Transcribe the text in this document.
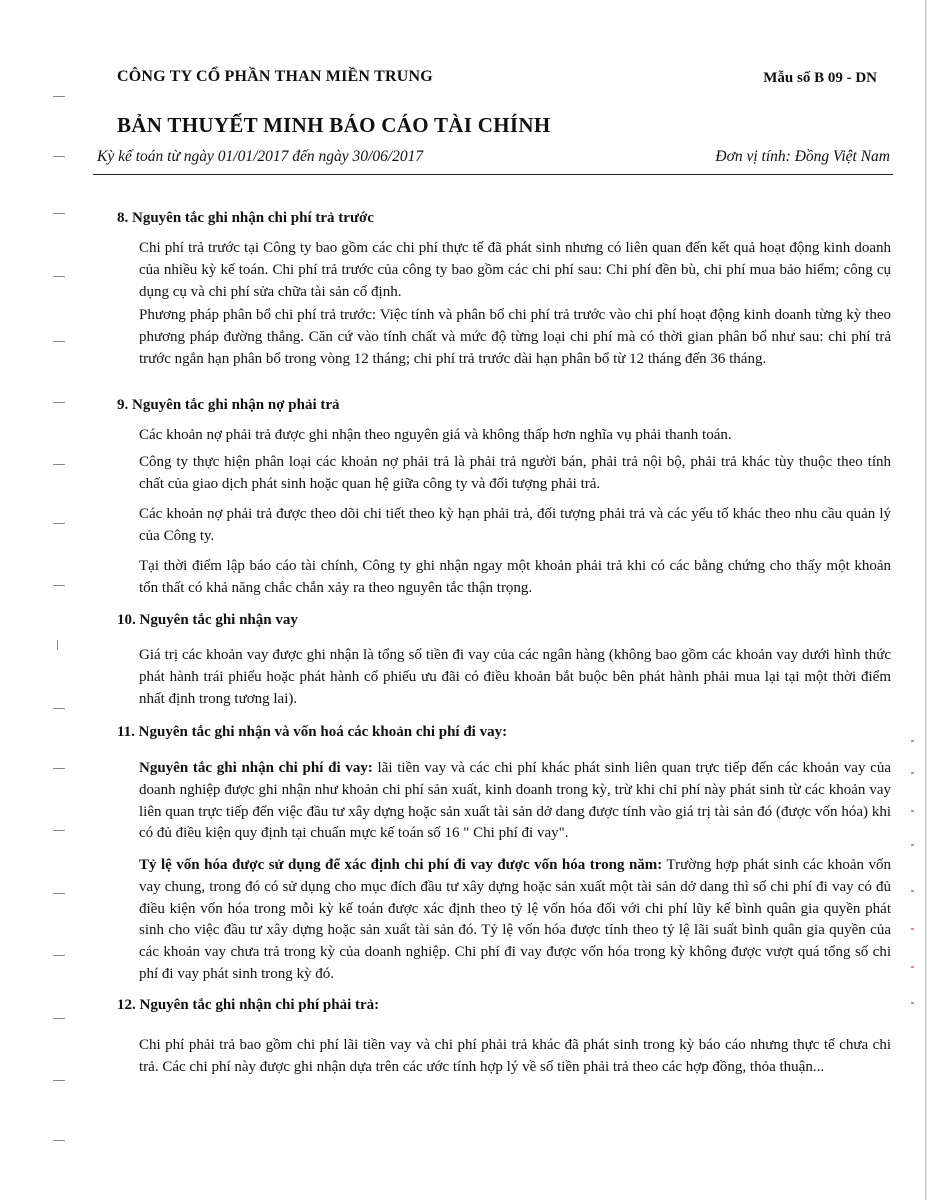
CÔNG TY CỔ PHẦN THAN MIỀN TRUNG	Mẫu số B 09 - DN
BẢN THUYẾT MINH BÁO CÁO TÀI CHÍNH
Kỳ kế toán từ ngày 01/01/2017 đến ngày 30/06/2017	Đơn vị tính: Đồng Việt Nam
8. Nguyên tắc ghi nhận chi phí trả trước
Chi phí trả trước tại Công ty bao gồm các chi phí thực tế đã phát sinh nhưng có liên quan đến kết quả hoạt động kinh doanh của nhiều kỳ kế toán. Chi phí trả trước của công ty bao gồm các chi phí sau: Chi phí đền bù, chi phí mua bảo hiểm; công cụ dụng cụ và chi phí sửa chữa tài sản cố định.
Phương pháp phân bổ chi phí trả trước: Việc tính và phân bổ chi phí trả trước vào chi phí hoạt động kinh doanh từng kỳ theo phương pháp đường thẳng. Căn cứ vào tính chất và mức độ từng loại chi phí mà có thời gian phân bổ như sau: chi phí trả trước ngắn hạn phân bổ trong vòng 12 tháng; chi phí trả trước dài hạn phân bổ từ 12 tháng đến 36 tháng.
9. Nguyên tắc ghi nhận nợ phải trả
Các khoản nợ phải trả được ghi nhận theo nguyên giá và không thấp hơn nghĩa vụ phải thanh toán.
Công ty thực hiện phân loại các khoản nợ phải trả là phải trả người bán, phải trả nội bộ, phải trả khác tùy thuộc theo tính chất của giao dịch phát sinh hoặc quan hệ giữa công ty và đối tượng phải trả.
Các khoản nợ phải trả được theo dõi chi tiết theo kỳ hạn phải trả, đối tượng phải trả và các yếu tố khác theo nhu cầu quản lý của Công ty.
Tại thời điểm lập báo cáo tài chính, Công ty ghi nhận ngay một khoản phải trả khi có các bằng chứng cho thấy một khoản tổn thất có khả năng chắc chắn xảy ra theo nguyên tắc thận trọng.
10. Nguyên tắc ghi nhận vay
Giá trị các khoản vay được ghi nhận là tổng số tiền đi vay của các ngân hàng (không bao gồm các khoản vay dưới hình thức phát hành trái phiếu hoặc phát hành cổ phiếu ưu đãi có điều khoản bắt buộc bên phát hành phải mua lại tại một thời điểm nhất định trong tương lai).
11. Nguyên tắc ghi nhận và vốn hoá các khoản chi phí đi vay:
Nguyên tắc ghi nhận chi phí đi vay: lãi tiền vay và các chi phí khác phát sinh liên quan trực tiếp đến các khoản vay của doanh nghiệp được ghi nhận như khoản chi phí sản xuất, kinh doanh trong kỳ, trừ khi chi phí này phát sinh từ các khoản vay liên quan trực tiếp đến việc đầu tư xây dựng hoặc sản xuất tài sản dở dang được tính vào giá trị tài sản đó (được vốn hóa) khi có đủ điều kiện quy định tại chuẩn mực kế toán số 16 " Chi phí đi vay".
Tỷ lệ vốn hóa được sử dụng để xác định chi phí đi vay được vốn hóa trong năm: Trường hợp phát sinh các khoản vốn vay chung, trong đó có sử dụng cho mục đích đầu tư xây dựng hoặc sản xuất một tài sản dở dang thì số chi phí đi vay có đủ điều kiện vốn hóa trong mỗi kỳ kế toán được xác định theo tỷ lệ vốn hóa đối với chi phí lũy kế bình quân gia quyền phát sinh cho việc đầu tư xây dựng hoặc sản xuất tài sản đó. Tỷ lệ vốn hóa được tính theo tỷ lệ lãi suất bình quân gia quyền của các khoản vay chưa trả trong kỳ của doanh nghiệp. Chi phí đi vay được vốn hóa trong kỳ không được vượt quá tổng số chi phí đi vay phát sinh trong kỳ đó.
12. Nguyên tắc ghi nhận chi phí phải trả:
Chi phí phải trả bao gồm chi phí lãi tiền vay và chi phí phải trả khác đã phát sinh trong kỳ báo cáo nhưng thực tế chưa chi trả. Các chi phí này được ghi nhận dựa trên các ước tính hợp lý về số tiền phải trả theo các hợp đồng, thỏa thuận...
